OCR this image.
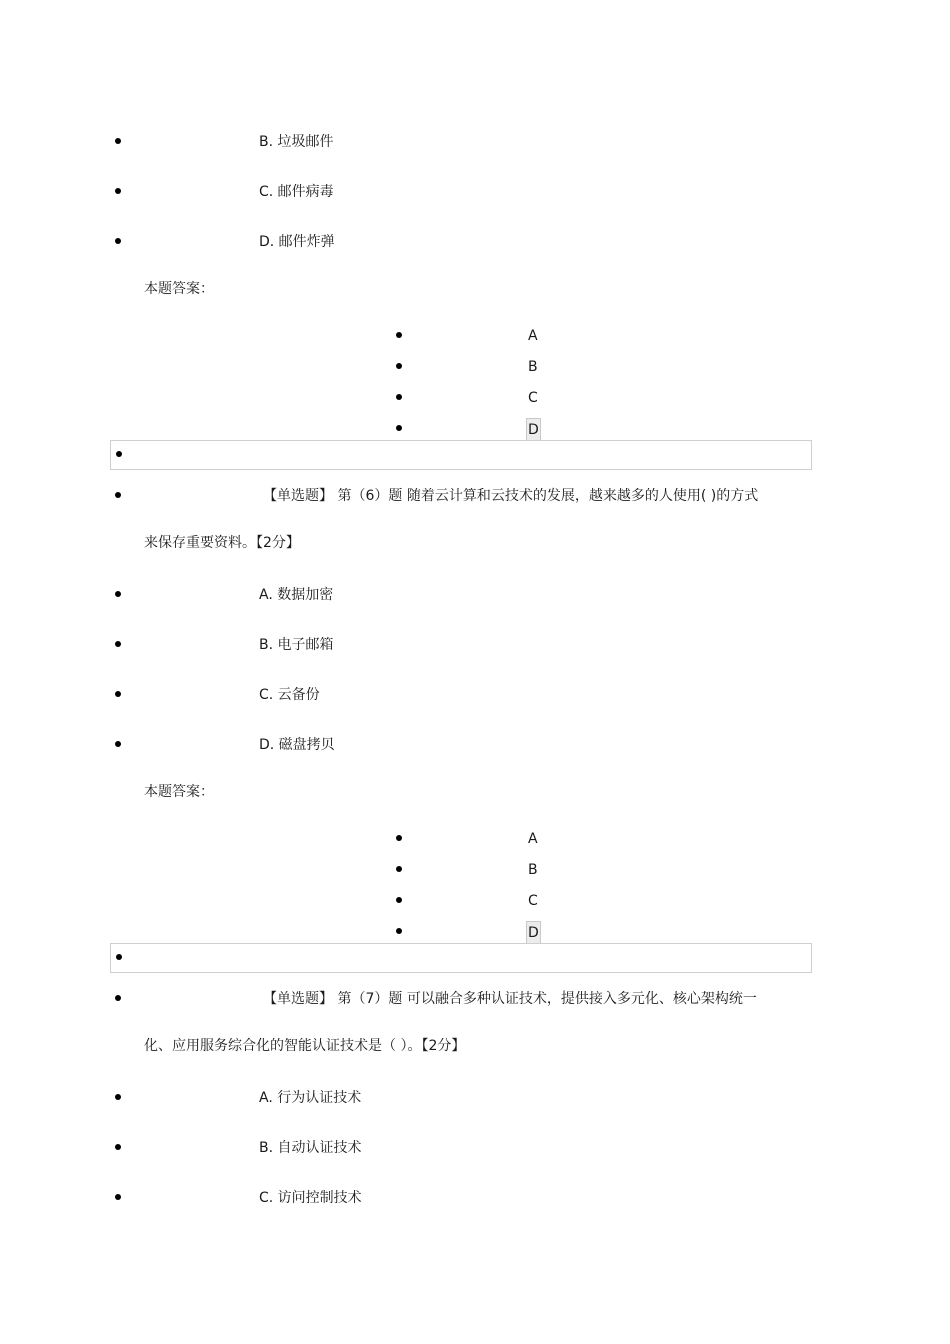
B. 垃圾邮件
C. 邮件病毒
D. 邮件炸弹
本题答案：
A
B
C
D
【单选题】 第（6）题 随着云计算和云技术的发展，越来越多的人使用( )的方式
来保存重要资料。【2分】
A. 数据加密
B. 电子邮箱
C. 云备份
D. 磁盘拷贝
本题答案：
A
B
C
D
【单选题】 第（7）题 可以融合多种认证技术，提供接入多元化、核心架构统一
化、应用服务综合化的智能认证技术是（ ）。【2分】
A. 行为认证技术
B. 自动认证技术
C. 访问控制技术
